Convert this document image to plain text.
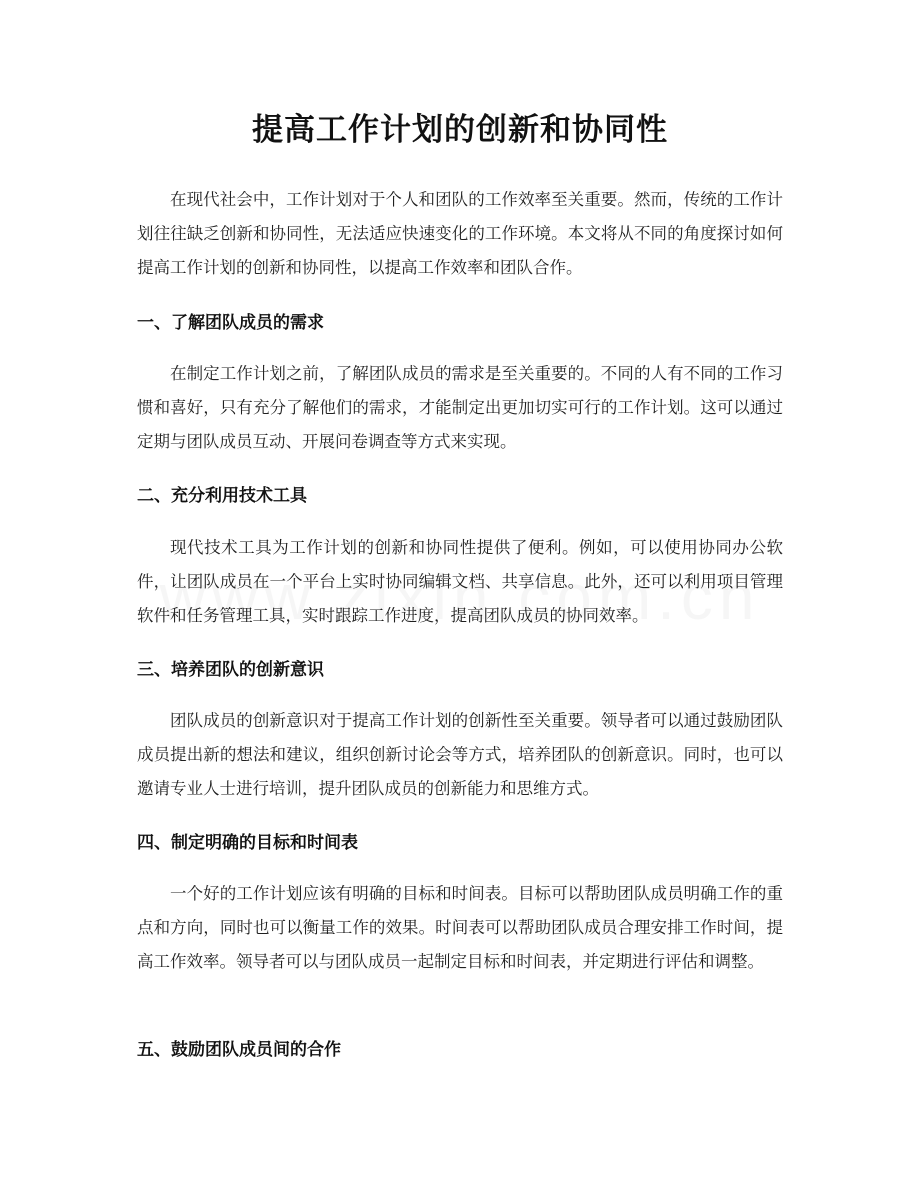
提高工作计划的创新和协同性

在现代社会中，工作计划对于个人和团队的工作效率至关重要。然而，传统的工作计划往往缺乏创新和协同性，无法适应快速变化的工作环境。本文将从不同的角度探讨如何提高工作计划的创新和协同性，以提高工作效率和团队合作。

一、了解团队成员的需求

在制定工作计划之前，了解团队成员的需求是至关重要的。不同的人有不同的工作习惯和喜好，只有充分了解他们的需求，才能制定出更加切实可行的工作计划。这可以通过定期与团队成员互动、开展问卷调查等方式来实现。

二、充分利用技术工具

现代技术工具为工作计划的创新和协同性提供了便利。例如，可以使用协同办公软件，让团队成员在一个平台上实时协同编辑文档、共享信息。此外，还可以利用项目管理软件和任务管理工具，实时跟踪工作进度，提高团队成员的协同效率。

三、培养团队的创新意识

团队成员的创新意识对于提高工作计划的创新性至关重要。领导者可以通过鼓励团队成员提出新的想法和建议，组织创新讨论会等方式，培养团队的创新意识。同时，也可以邀请专业人士进行培训，提升团队成员的创新能力和思维方式。

四、制定明确的目标和时间表

一个好的工作计划应该有明确的目标和时间表。目标可以帮助团队成员明确工作的重点和方向，同时也可以衡量工作的效果。时间表可以帮助团队成员合理安排工作时间，提高工作效率。领导者可以与团队成员一起制定目标和时间表，并定期进行评估和调整。

五、鼓励团队成员间的合作
